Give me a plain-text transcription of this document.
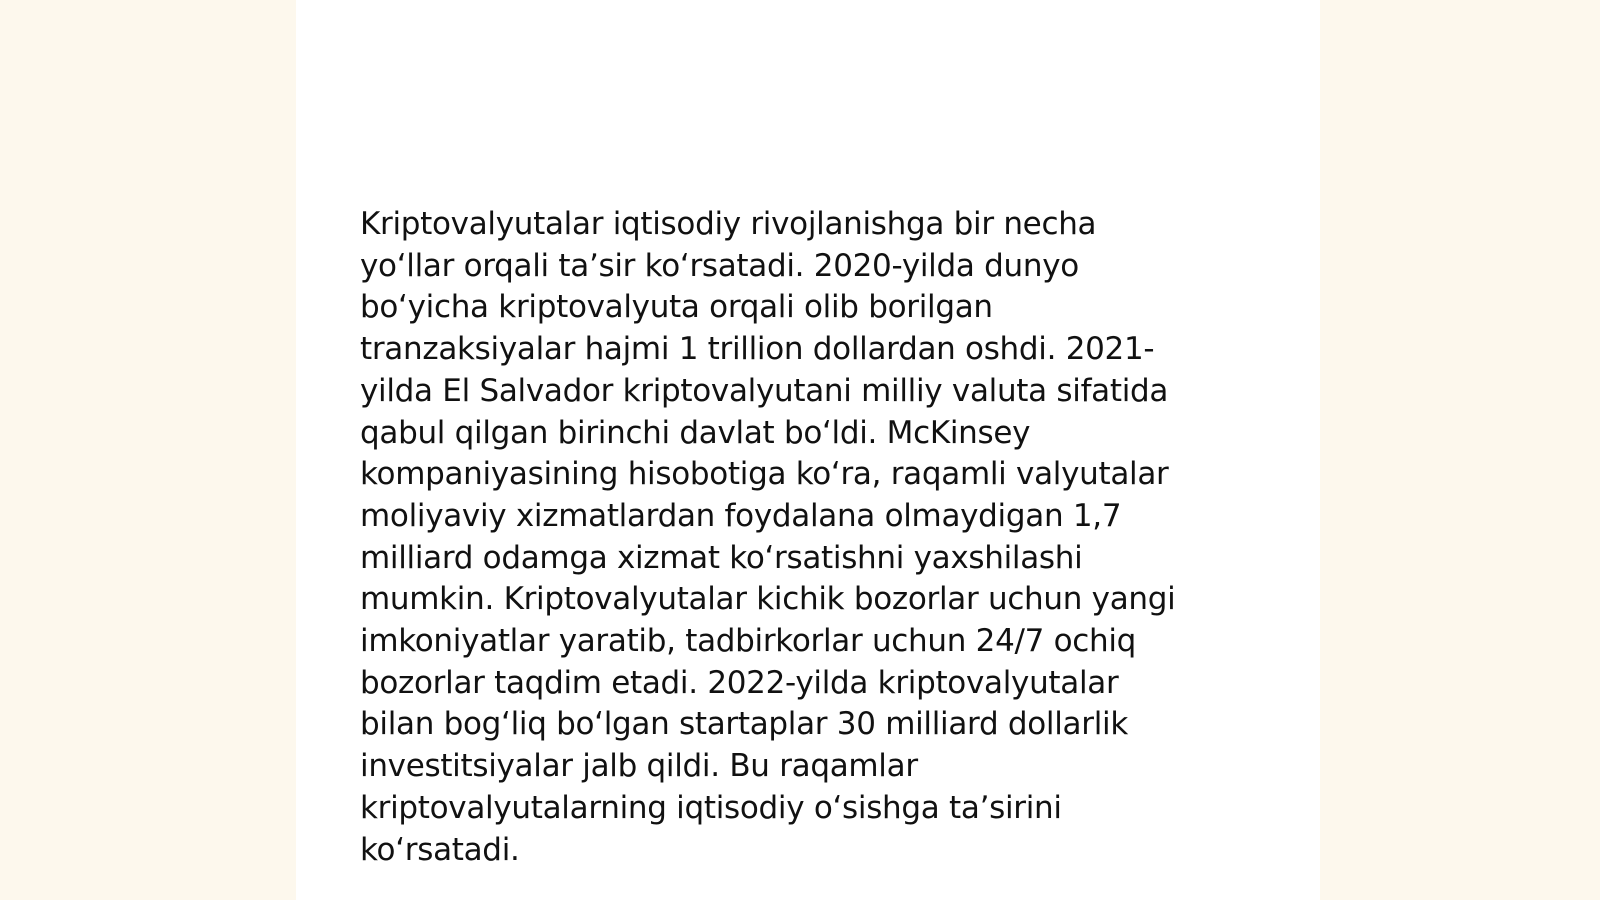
Kriptovalyutalar iqtisodiy rivojlanishga bir necha
yo‘llar orqali ta’sir ko‘rsatadi. 2020-yilda dunyo
bo‘yicha kriptovalyuta orqali olib borilgan
tranzaksiyalar hajmi 1 trillion dollardan oshdi. 2021-
yilda El Salvador kriptovalyutani milliy valuta sifatida
qabul qilgan birinchi davlat bo‘ldi. McKinsey
kompaniyasining hisobotiga ko‘ra, raqamli valyutalar
moliyaviy xizmatlardan foydalana olmaydigan 1,7
milliard odamga xizmat ko‘rsatishni yaxshilashi
mumkin. Kriptovalyutalar kichik bozorlar uchun yangi
imkoniyatlar yaratib, tadbirkorlar uchun 24/7 ochiq
bozorlar taqdim etadi. 2022-yilda kriptovalyutalar
bilan bog‘liq bo‘lgan startaplar 30 milliard dollarlik
investitsiyalar jalb qildi. Bu raqamlar
kriptovalyutalarning iqtisodiy o‘sishga ta’sirini
ko‘rsatadi.
